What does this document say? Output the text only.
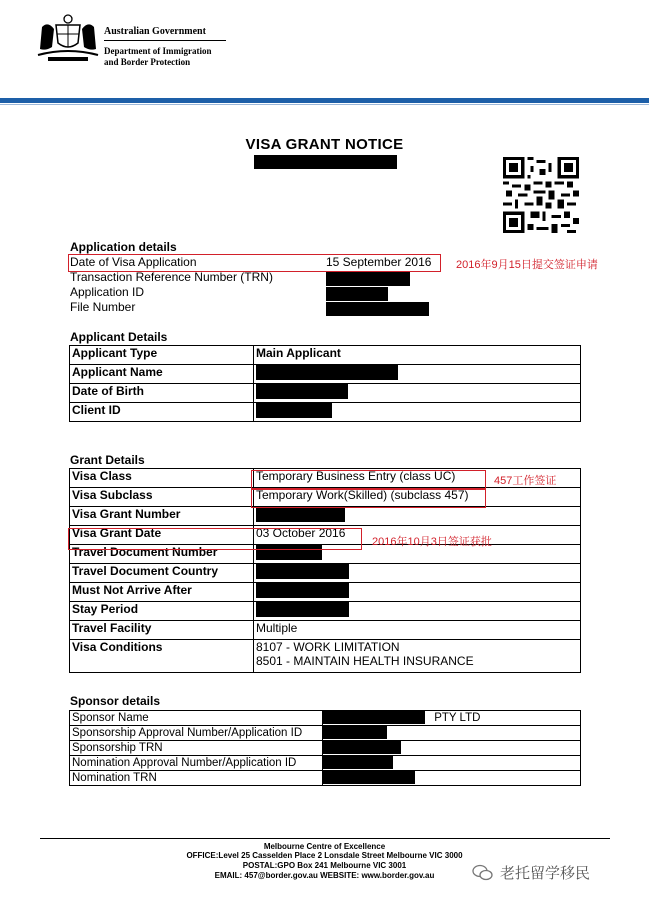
Australian Government
Department of Immigration
and Border Protection
VISA GRANT NOTICE
Application details
Date of Visa Application	15 September 2016 2016年9月15日提交签证申请
Transaction Reference Number (TRN)
Application ID
File Number
Applicant Details
Applicant Type	Main Applicant
Applicant Name	

Date of Birth	

Client ID	
Grant Details
Visa Class	Temporary Business Entry (class UC)
Visa Subclass	Temporary Work(Skilled) (subclass 457)
Visa Grant Number	

Visa Grant Date	03 October 2016
Travel Document Number	

Travel Document Country	

Must Not Arrive After	

Stay Period	

Travel Facility	Multiple
Visa Conditions	8107 - WORK LIMITATION
8501 - MAINTAIN HEALTH INSURANCE
457工作签证
2016年10月3日签证获批
Sponsor details
Sponsor Name	PTY LTD
Sponsorship Approval Number/Application ID	

Sponsorship TRN	

Nomination Approval Number/Application ID	

Nomination TRN	
Melbourne Centre of Excellence
OFFICE:Level 25 Casselden Place 2 Lonsdale Street Melbourne VIC 3000
POSTAL:GPO Box 241 Melbourne VIC 3001
EMAIL: 457@border.gov.au WEBSITE: www.border.gov.au	老托留学移民
